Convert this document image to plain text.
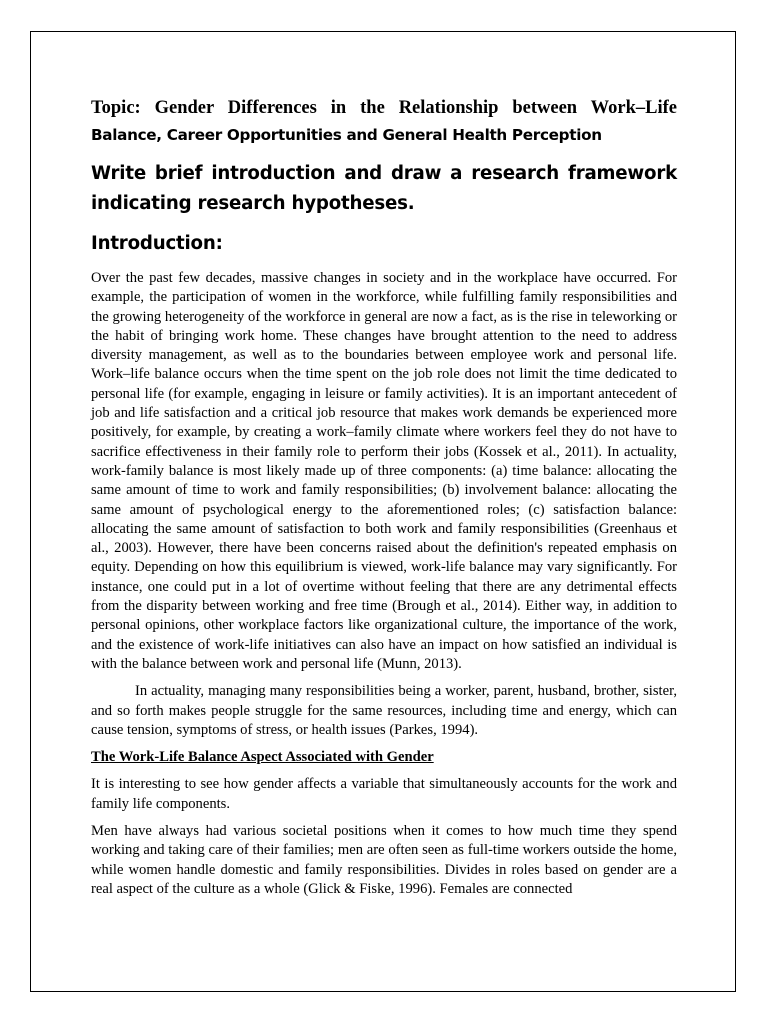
Topic: Gender Differences in the Relationship between Work–Life

Balance, Career Opportunities and General Health Perception

Write brief introduction and draw a research framework indicating research hypotheses.

Introduction:

Over the past few decades, massive changes in society and in the workplace have occurred. For example, the participation of women in the workforce, while fulfilling family responsibilities and the growing heterogeneity of the workforce in general are now a fact, as is the rise in teleworking or the habit of bringing work home. These changes have brought attention to the need to address diversity management, as well as to the boundaries between employee work and personal life. Work–life balance occurs when the time spent on the job role does not limit the time dedicated to personal life (for example, engaging in leisure or family activities). It is an important antecedent of job and life satisfaction and a critical job resource that makes work demands be experienced more positively, for example, by creating a work–family climate where workers feel they do not have to sacrifice effectiveness in their family role to perform their jobs (Kossek et al., 2011). In actuality, work-family balance is most likely made up of three components: (a) time balance: allocating the same amount of time to work and family responsibilities; (b) involvement balance: allocating the same amount of psychological energy to the aforementioned roles; (c) satisfaction balance: allocating the same amount of satisfaction to both work and family responsibilities (Greenhaus et al., 2003). However, there have been concerns raised about the definition's repeated emphasis on equity. Depending on how this equilibrium is viewed, work-life balance may vary significantly. For instance, one could put in a lot of overtime without feeling that there are any detrimental effects from the disparity between working and free time (Brough et al., 2014). Either way, in addition to personal opinions, other workplace factors like organizational culture, the importance of the work, and the existence of work-life initiatives can also have an impact on how satisfied an individual is with the balance between work and personal life (Munn, 2013).

In actuality, managing many responsibilities being a worker, parent, husband, brother, sister, and so forth makes people struggle for the same resources, including time and energy, which can cause tension, symptoms of stress, or health issues (Parkes, 1994).

The Work-Life Balance Aspect Associated with Gender

It is interesting to see how gender affects a variable that simultaneously accounts for the work and family life components.

Men have always had various societal positions when it comes to how much time they spend working and taking care of their families; men are often seen as full-time workers outside the home, while women handle domestic and family responsibilities. Divides in roles based on gender are a real aspect of the culture as a whole (Glick & Fiske, 1996). Females are connected
